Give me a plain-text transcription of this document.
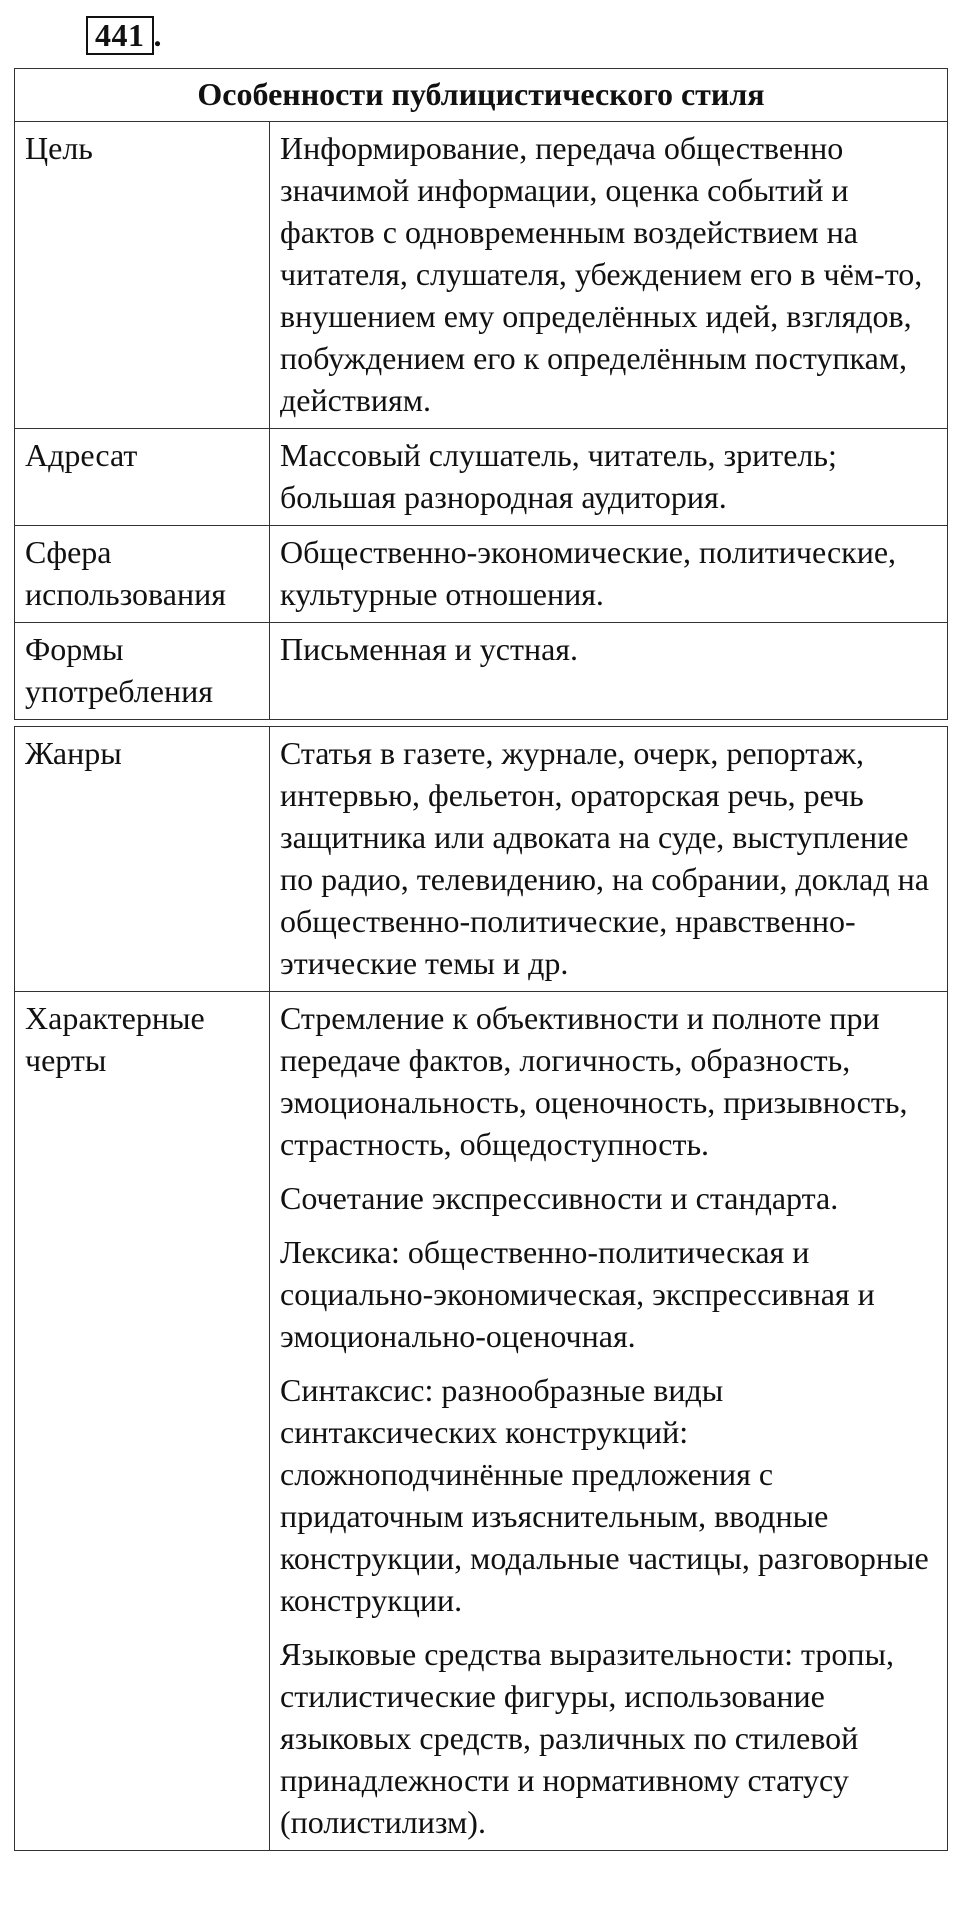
441 .
Особенности публицистического стиля	
Цель	Информирование, передача общественно значимой информации, оценка событий и фактов с одновременным воздействием на читателя, слушателя, убеждением его в чём-то, внушением ему определённых идей, взглядов, побуждением его к определённым поступкам, действиям.
Адресат	Массовый слушатель, читатель, зритель; большая разнородная аудитория.
Сфера использования	Общественно-экономические, политические, культурные отношения.
Формы употребления	Письменная и устная.
Жанры	Статья в газете, журнале, очерк, репортаж, интервью, фельетон, ораторская речь, речь защитника или адвоката на суде, выступление по радио, телевидению, на собрании, доклад на общественно-политические, нравственно-этические темы и др.
Характерные черты	Стремление к объективности и полноте при передаче фактов, логичность, образность, эмоциональность, оценочность, призывность, страстность, общедоступность.

Сочетание экспрессивности и стандарта.

Лексика: общественно-политическая и социально-экономическая, экспрессивная и эмоционально-оценочная.

Синтаксис: разнообразные виды синтаксических конструкций: сложноподчинённые предложения с придаточным изъяснительным, вводные конструкции, модальные частицы, разговорные конструкции.

Языковые средства выразительности: тропы, стилистические фигуры, использование языковых средств, различных по стилевой принадлежности и нормативному статусу (полистилизм).
